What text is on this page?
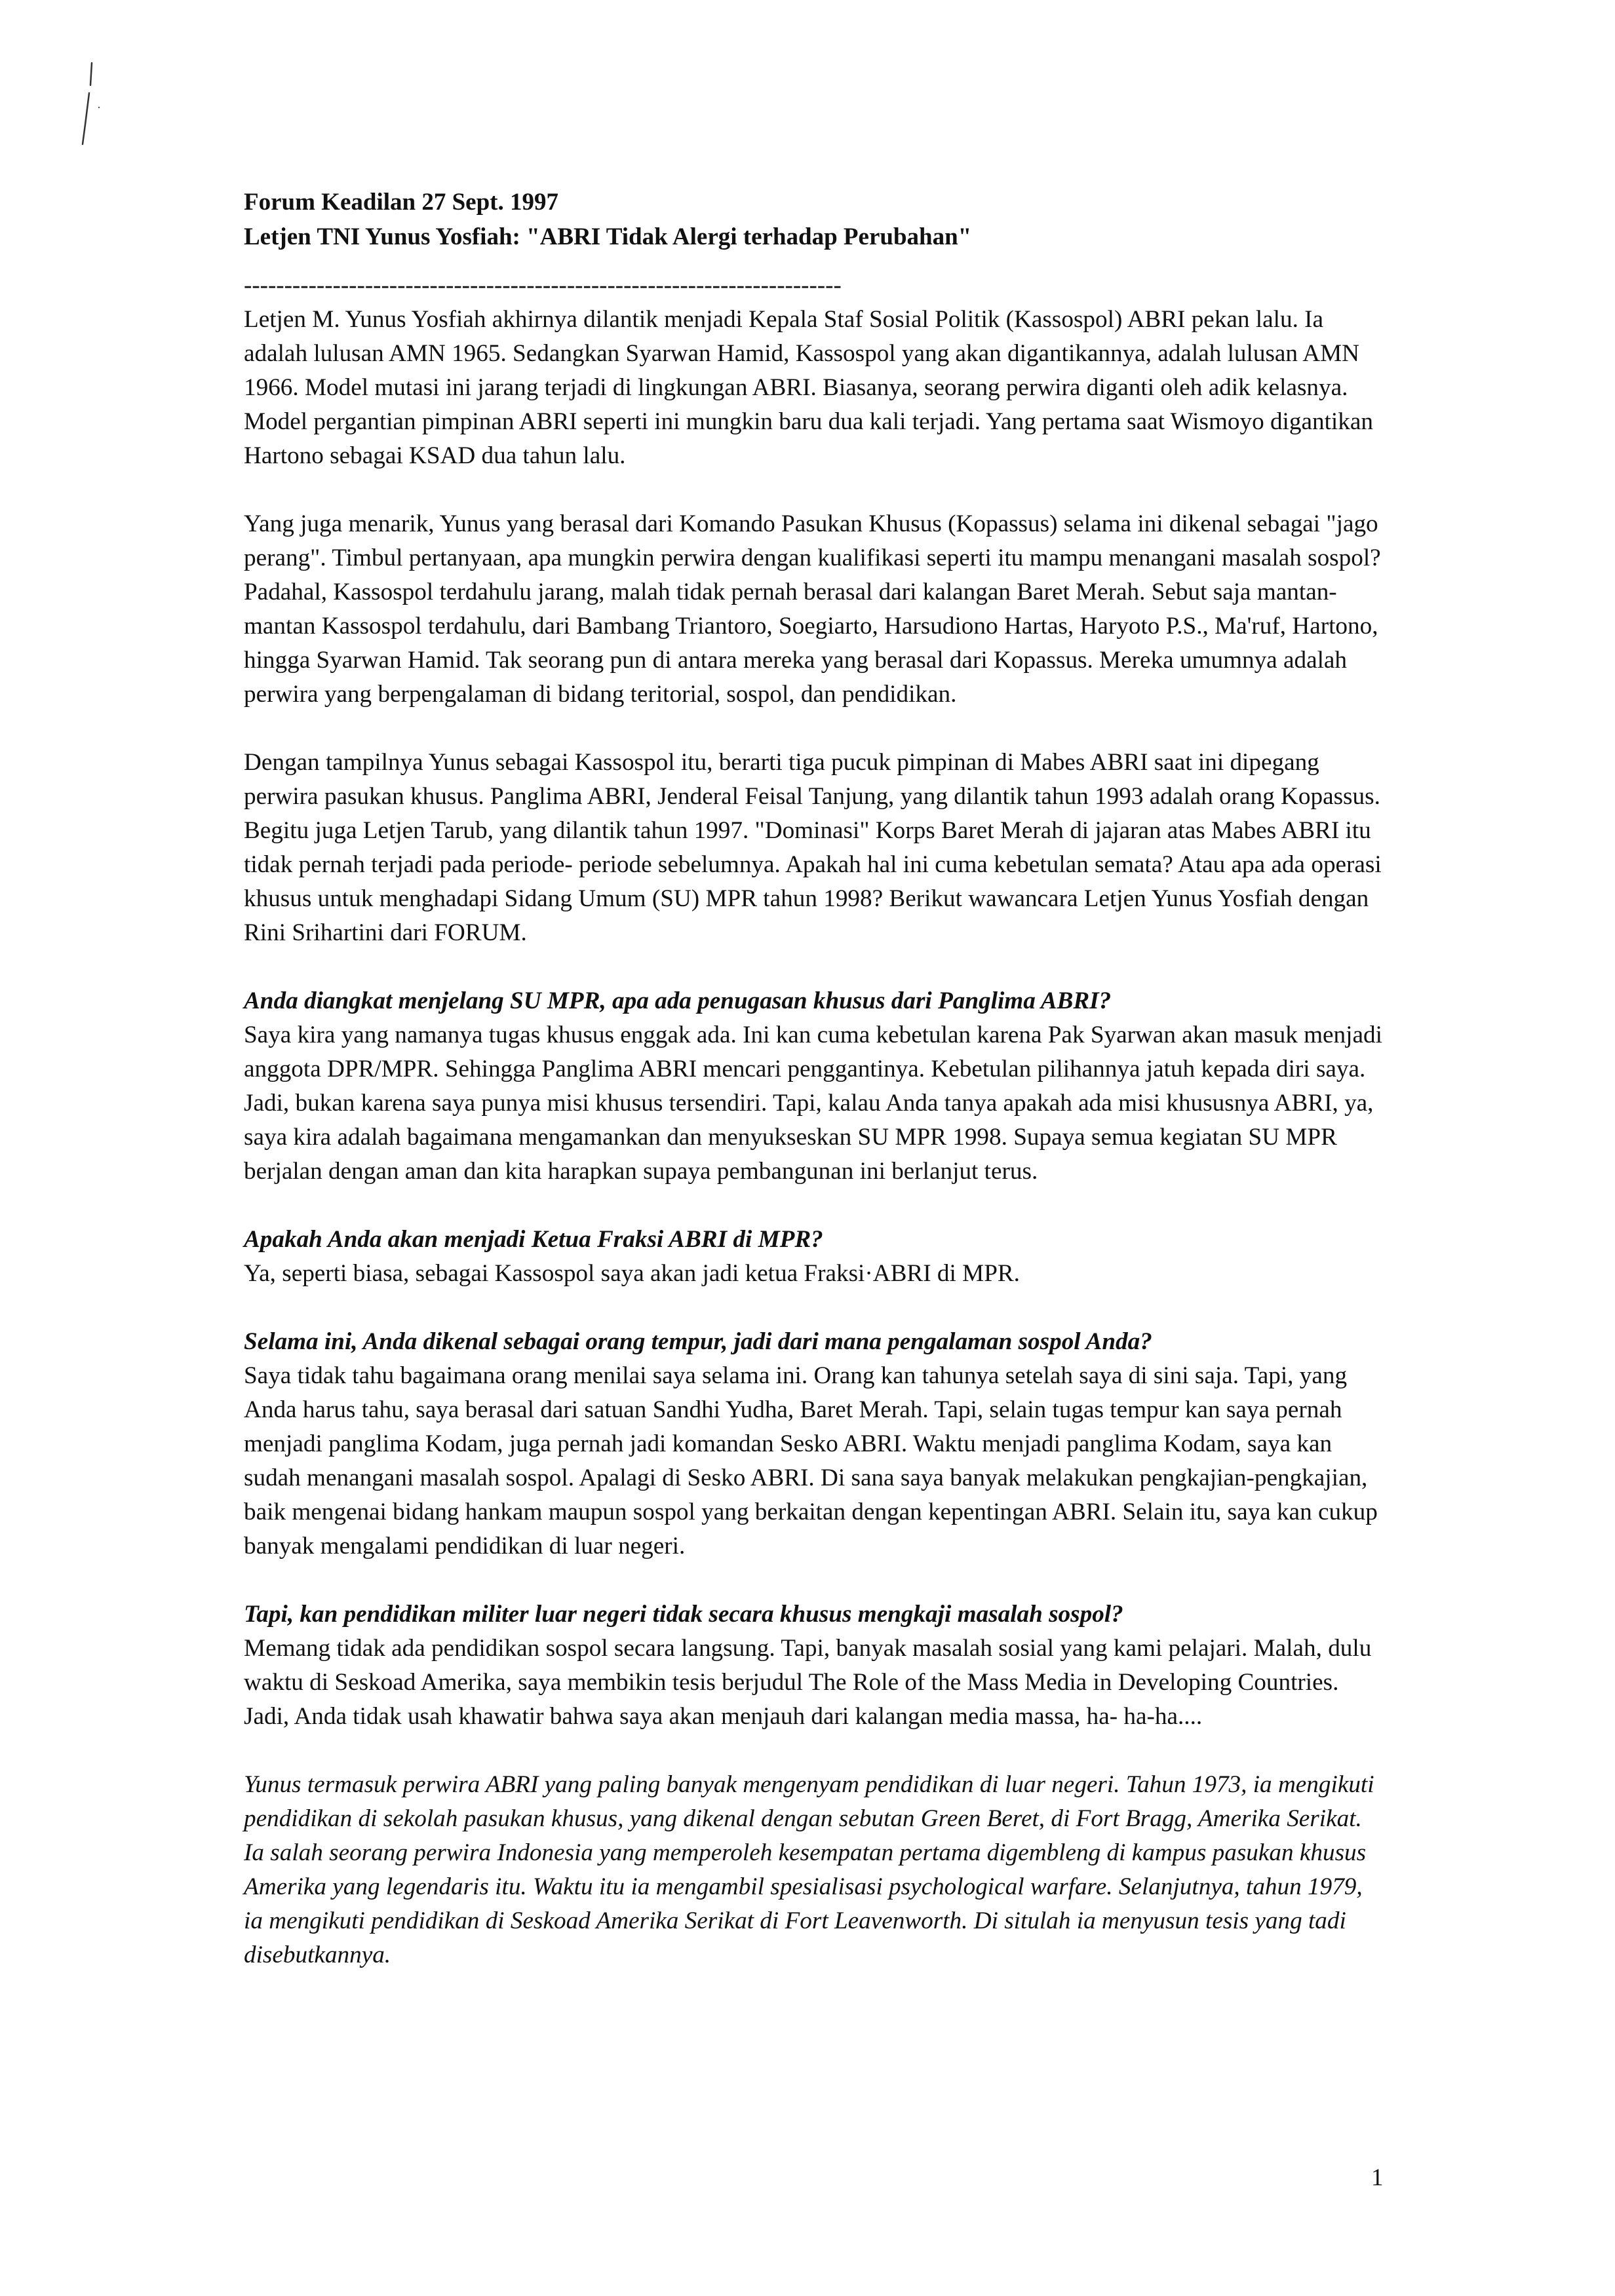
Forum Keadilan 27 Sept. 1997

Letjen TNI Yunus Yosfiah: "ABRI Tidak Alergi terhadap Perubahan"

--------------------------------------------------------------------------

Letjen M. Yunus Yosfiah akhirnya dilantik menjadi Kepala Staf Sosial Politik (Kassospol) ABRI pekan lalu. Ia adalah lulusan AMN 1965. Sedangkan Syarwan Hamid, Kassospol yang akan digantikannya, adalah lulusan AMN 1966. Model mutasi ini jarang terjadi di lingkungan ABRI. Biasanya, seorang perwira diganti oleh adik kelasnya. Model pergantian pimpinan ABRI seperti ini mungkin baru dua kali terjadi. Yang pertama saat Wismoyo digantikan Hartono sebagai KSAD dua tahun lalu.

Yang juga menarik, Yunus yang berasal dari Komando Pasukan Khusus (Kopassus) selama ini dikenal sebagai "jago perang". Timbul pertanyaan, apa mungkin perwira dengan kualifikasi seperti itu mampu menangani masalah sospol? Padahal, Kassospol terdahulu jarang, malah tidak pernah berasal dari kalangan Baret Merah. Sebut saja mantan-mantan Kassospol terdahulu, dari Bambang Triantoro, Soegiarto, Harsudiono Hartas, Haryoto P.S., Ma'ruf, Hartono, hingga Syarwan Hamid. Tak seorang pun di antara mereka yang berasal dari Kopassus. Mereka umumnya adalah perwira yang berpengalaman di bidang teritorial, sospol, dan pendidikan.

Dengan tampilnya Yunus sebagai Kassospol itu, berarti tiga pucuk pimpinan di Mabes ABRI saat ini dipegang perwira pasukan khusus. Panglima ABRI, Jenderal Feisal Tanjung, yang dilantik tahun 1993 adalah orang Kopassus. Begitu juga Letjen Tarub, yang dilantik tahun 1997. "Dominasi" Korps Baret Merah di jajaran atas Mabes ABRI itu tidak pernah terjadi pada periode- periode sebelumnya. Apakah hal ini cuma kebetulan semata? Atau apa ada operasi khusus untuk menghadapi Sidang Umum (SU) MPR tahun 1998? Berikut wawancara Letjen Yunus Yosfiah dengan Rini Srihartini dari FORUM.

Anda diangkat menjelang SU MPR, apa ada penugasan khusus dari Panglima ABRI?

Saya kira yang namanya tugas khusus enggak ada. Ini kan cuma kebetulan karena Pak Syarwan akan masuk menjadi anggota DPR/MPR. Sehingga Panglima ABRI mencari penggantinya. Kebetulan pilihannya jatuh kepada diri saya. Jadi, bukan karena saya punya misi khusus tersendiri. Tapi, kalau Anda tanya apakah ada misi khususnya ABRI, ya, saya kira adalah bagaimana mengamankan dan menyukseskan SU MPR 1998. Supaya semua kegiatan SU MPR berjalan dengan aman dan kita harapkan supaya pembangunan ini berlanjut terus.

Apakah Anda akan menjadi Ketua Fraksi ABRI di MPR?

Ya, seperti biasa, sebagai Kassospol saya akan jadi ketua Fraksi·ABRI di MPR.

Selama ini, Anda dikenal sebagai orang tempur, jadi dari mana pengalaman sospol Anda?

Saya tidak tahu bagaimana orang menilai saya selama ini. Orang kan tahunya setelah saya di sini saja. Tapi, yang Anda harus tahu, saya berasal dari satuan Sandhi Yudha, Baret Merah. Tapi, selain tugas tempur kan saya pernah menjadi panglima Kodam, juga pernah jadi komandan Sesko ABRI. Waktu menjadi panglima Kodam, saya kan sudah menangani masalah sospol. Apalagi di Sesko ABRI. Di sana saya banyak melakukan pengkajian-pengkajian, baik mengenai bidang hankam maupun sospol yang berkaitan dengan kepentingan ABRI. Selain itu, saya kan cukup banyak mengalami pendidikan di luar negeri.

Tapi, kan pendidikan militer luar negeri tidak secara khusus mengkaji masalah sospol?

Memang tidak ada pendidikan sospol secara langsung. Tapi, banyak masalah sosial yang kami pelajari. Malah, dulu waktu di Seskoad Amerika, saya membikin tesis berjudul The Role of the Mass Media in Developing Countries. Jadi, Anda tidak usah khawatir bahwa saya akan menjauh dari kalangan media massa, ha- ha-ha....

Yunus termasuk perwira ABRI yang paling banyak mengenyam pendidikan di luar negeri. Tahun 1973, ia mengikuti pendidikan di sekolah pasukan khusus, yang dikenal dengan sebutan Green Beret, di Fort Bragg, Amerika Serikat. Ia salah seorang perwira Indonesia yang memperoleh kesempatan pertama digembleng di kampus pasukan khusus Amerika yang legendaris itu. Waktu itu ia mengambil spesialisasi psychological warfare. Selanjutnya, tahun 1979, ia mengikuti pendidikan di Seskoad Amerika Serikat di Fort Leavenworth. Di situlah ia menyusun tesis yang tadi disebutkannya.

1
